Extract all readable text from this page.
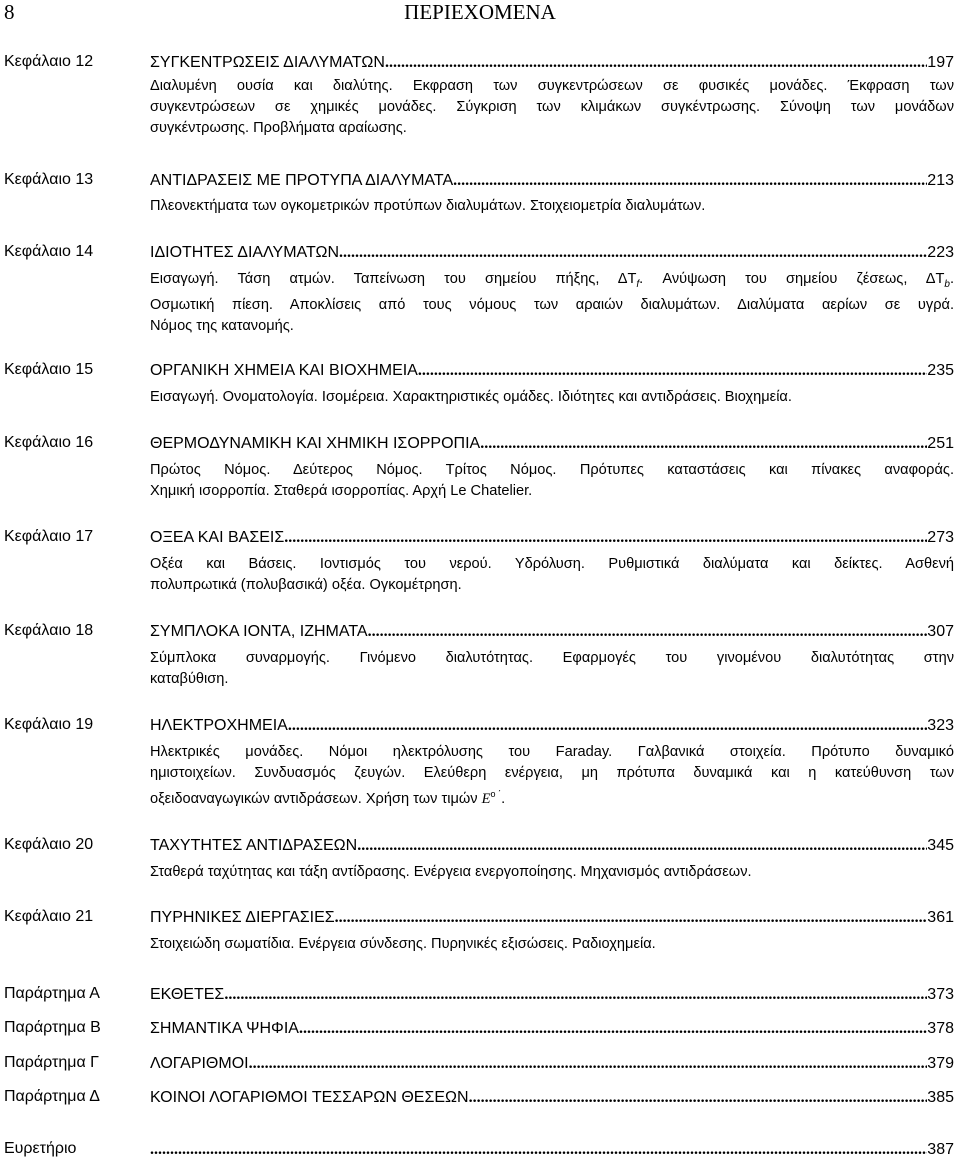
8	ΠΕΡΙΕΧΟΜΕΝΑ
Κεφάλαιο 12	ΣΥΓΚΕΝΤΡΩΣΕΙΣ ΔΙΑΛΥΜΑΤΩΝ .....	197
Διαλυμένη ουσία και διαλύτης. Εκφραση των συγκεντρώσεων σε φυσικές μονάδες. Έκφραση των
συγκεντρώσεων σε χημικές μονάδες. Σύγκριση των κλιμάκων συγκέντρωσης. Σύνοψη των μονάδων
συγκέντρωσης. Προβλήματα αραίωσης.
Κεφάλαιο 13	ΑΝΤΙΔΡΑΣΕΙΣ ΜΕ ΠΡΟΤΥΠΑ ΔΙΑΛΥΜΑΤΑ .....	213
Πλεονεκτήματα των ογκομετρικών προτύπων διαλυμάτων. Στοιχειομετρία διαλυμάτων.
Κεφάλαιο 14	ΙΔΙΟΤΗΤΕΣ ΔΙΑΛΥΜΑΤΩΝ .....	223
Εισαγωγή. Τάση ατμών. Ταπείνωση του σημείου πήξης, $\Delta T_f$. Ανύψωση του σημείου ζέσεως, $\Delta T_b$.
Οσμωτική πίεση. Αποκλίσεις από τους νόμους των αραιών διαλυμάτων. Διαλύματα αερίων σε υγρά.
Νόμος της κατανομής.
Κεφάλαιο 15	ΟΡΓΑΝΙΚΗ ΧΗΜΕΙΑ ΚΑΙ ΒΙΟΧΗΜΕΙΑ .....	235
Εισαγωγή. Ονοματολογία. Ισομέρεια. Χαρακτηριστικές ομάδες. Ιδιότητες και αντιδράσεις. Βιοχημεία.
Κεφάλαιο 16	ΘΕΡΜΟΔΥΝΑΜΙΚΗ ΚΑΙ ΧΗΜΙΚΗ ΙΣΟΡΡΟΠΙΑ .....	251
Πρώτος Νόμος. Δεύτερος Νόμος. Τρίτος Νόμος. Πρότυπες καταστάσεις και πίνακες αναφοράς.
Χημική ισορροπία. Σταθερά ισορροπίας. Αρχή Le Chatelier.
Κεφάλαιο 17	ΟΞΕΑ ΚΑΙ ΒΑΣΕΙΣ .....	273
Οξέα και Βάσεις. Ιοντισμός του νερού. Υδρόλυση. Ρυθμιστικά διαλύματα και δείκτες. Ασθενή
πολυπρωτικά (πολυβασικά) οξέα. Ογκομέτρηση.
Κεφάλαιο 18	ΣΥΜΠΛΟΚΑ ΙΟΝΤΑ, ΙΖΗΜΑΤΑ .....	307
Σύμπλοκα συναρμογής. Γινόμενο διαλυτότητας. Εφαρμογές του γινομένου διαλυτότητας στην
καταβύθιση.
Κεφάλαιο 19	ΗΛΕΚΤΡΟΧΗΜΕΙΑ .....	323
Ηλεκτρικές μονάδες. Νόμοι ηλεκτρόλυσης του Faraday. Γαλβανικά στοιχεία. Πρότυπο δυναμικό
ημιστοιχείων. Συνδυασμός ζευγών. Ελεύθερη ενέργεια, μη πρότυπα δυναμικά και η κατεύθυνση των
οξειδοαναγωγικών αντιδράσεων. Χρήση των τιμών $E^{o ΄}$.
Κεφάλαιο 20	ΤΑΧΥΤΗΤΕΣ ΑΝΤΙΔΡΑΣΕΩΝ .....	345
Σταθερά ταχύτητας και τάξη αντίδρασης. Ενέργεια ενεργοποίησης. Μηχανισμός αντιδράσεων.
Κεφάλαιο 21	ΠΥΡΗΝΙΚΕΣ ΔΙΕΡΓΑΣΙΕΣ .....	361
Στοιχειώδη σωματίδια. Ενέργεια σύνδεσης. Πυρηνικές εξισώσεις. Ραδιοχημεία.
Παράρτημα Α	ΕΚΘΕΤΕΣ .....	373
Παράρτημα Β	ΣΗΜΑΝΤΙΚΑ ΨΗΦΙΑ .....	378
Παράρτημα Γ	ΛΟΓΑΡΙΘΜΟΙ .....	379
Παράρτημα Δ	ΚΟΙΝΟΙ ΛΟΓΑΡΙΘΜΟΙ ΤΕΣΣΑΡΩΝ ΘΕΣΕΩΝ .....	385
Ευρετήριο .....	387
